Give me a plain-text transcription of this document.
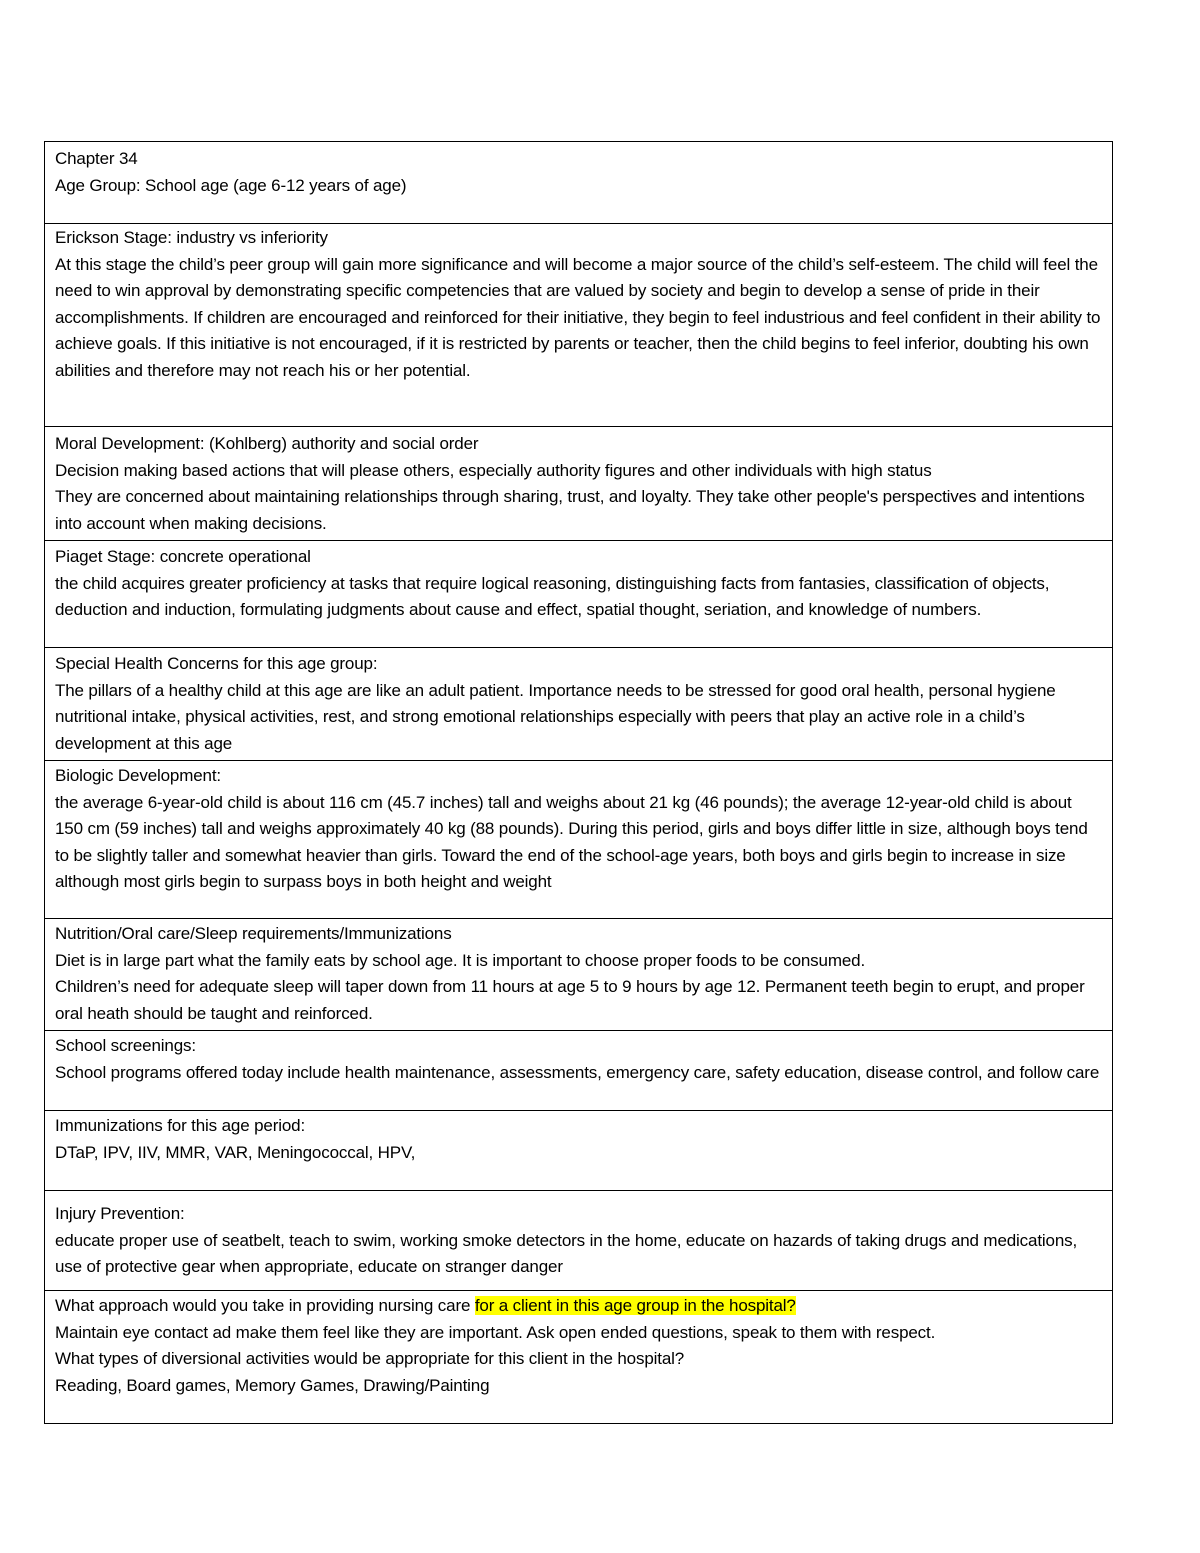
Chapter 34
Age Group: School age (age 6-12 years of age)

Erickson Stage: industry vs inferiority
At this stage the child’s peer group will gain more significance and will become a major source of the child’s self-esteem. The child will feel the need to win approval by demonstrating specific competencies that are valued by society and begin to develop a sense of pride in their accomplishments. If children are encouraged and reinforced for their initiative, they begin to feel industrious and feel confident in their ability to achieve goals. If this initiative is not encouraged, if it is restricted by parents or teacher, then the child begins to feel inferior, doubting his own abilities and therefore may not reach his or her potential.

Moral Development: (Kohlberg) authority and social order
Decision making based actions that will please others, especially authority figures and other individuals with high status
They are concerned about maintaining relationships through sharing, trust, and loyalty. They take other people's perspectives and intentions into account when making decisions.

Piaget Stage: concrete operational
the child acquires greater proficiency at tasks that require logical reasoning, distinguishing facts from fantasies, classification of objects, deduction and induction, formulating judgments about cause and effect, spatial thought, seriation, and knowledge of numbers.

Special Health Concerns for this age group:
The pillars of a healthy child at this age are like an adult patient. Importance needs to be stressed for good oral health, personal hygiene nutritional intake, physical activities, rest, and strong emotional relationships especially with peers that play an active role in a child’s development at this age

Biologic Development:
the average 6-year-old child is about 116 cm (45.7 inches) tall and weighs about 21 kg (46 pounds); the average 12-year-old child is about 150 cm (59 inches) tall and weighs approximately 40 kg (88 pounds). During this period, girls and boys differ little in size, although boys tend to be slightly taller and somewhat heavier than girls. Toward the end of the school-age years, both boys and girls begin to increase in size although most girls begin to surpass boys in both height and weight

Nutrition/Oral care/Sleep requirements/Immunizations
Diet is in large part what the family eats by school age. It is important to choose proper foods to be consumed.
Children’s need for adequate sleep will taper down from 11 hours at age 5 to 9 hours by age 12. Permanent teeth begin to erupt, and proper oral heath should be taught and reinforced.

School screenings:
School programs offered today include health maintenance, assessments, emergency care, safety education, disease control, and follow care

Immunizations for this age period:
DTaP, IPV, IIV, MMR, VAR, Meningococcal, HPV,

Injury Prevention:
educate proper use of seatbelt, teach to swim, working smoke detectors in the home, educate on hazards of taking drugs and medications, use of protective gear when appropriate, educate on stranger danger

What approach would you take in providing nursing care for a client in this age group in the hospital?
Maintain eye contact ad make them feel like they are important. Ask open ended questions, speak to them with respect.
What types of diversional activities would be appropriate for this client in the hospital?
Reading, Board games, Memory Games, Drawing/Painting
